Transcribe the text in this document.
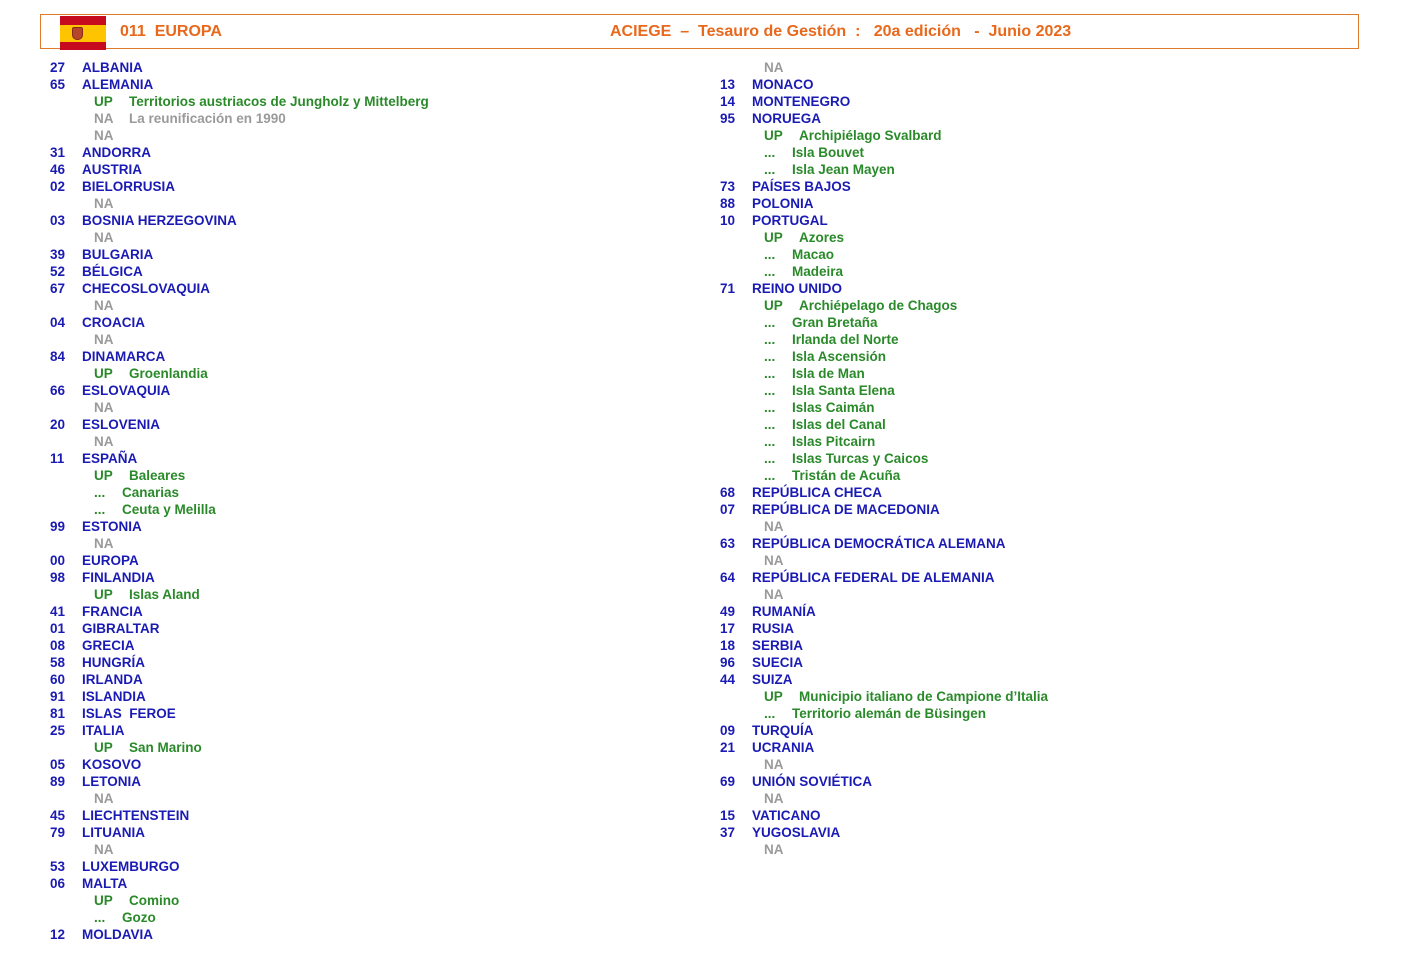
011  EUROPA	ACIEGE  –  Tesauro de Gestión  :   20a edición   -  Junio 2023
27 ALBANIA
65 ALEMANIA
UP Territorios austriacos de Jungholz y Mittelberg
NA La reunificación en 1990
NA
31 ANDORRA
46 AUSTRIA
02 BIELORRUSIA
NA
03 BOSNIA HERZEGOVINA
NA
39 BULGARIA
52 BÉLGICA
67 CHECOSLOVAQUIA
NA
04 CROACIA
NA
84 DINAMARCA
UP Groenlandia
66 ESLOVAQUIA
NA
20 ESLOVENIA
NA
11 ESPAÑA
UP Baleares
... Canarias
... Ceuta y Melilla
99 ESTONIA
NA
00 EUROPA
98 FINLANDIA
UP Islas Aland
41 FRANCIA
01 GIBRALTAR
08 GRECIA
58 HUNGRÍA
60 IRLANDA
91 ISLANDIA
81 ISLAS  FEROE
25 ITALIA
UP San Marino
05 KOSOVO
89 LETONIA
NA
45 LIECHTENSTEIN
79 LITUANIA
NA
53 LUXEMBURGO
06 MALTA
UP Comino
... Gozo
12 MOLDAVIA
NA
13 MONACO
14 MONTENEGRO
95 NORUEGA
UP Archipiélago Svalbard
... Isla Bouvet
... Isla Jean Mayen
73 PAÍSES BAJOS
88 POLONIA
10 PORTUGAL
UP Azores
... Macao
... Madeira
71 REINO UNIDO
UP Archiépelago de Chagos
... Gran Bretaña
... Irlanda del Norte
... Isla Ascensión
... Isla de Man
... Isla Santa Elena
... Islas Caimán
... Islas del Canal
... Islas Pitcairn
... Islas Turcas y Caicos
... Tristán de Acuña
68 REPÚBLICA CHECA
07 REPÚBLICA DE MACEDONIA
NA
63 REPÚBLICA DEMOCRÁTICA ALEMANA
NA
64 REPÚBLICA FEDERAL DE ALEMANIA
NA
49 RUMANÍA
17 RUSIA
18 SERBIA
96 SUECIA
44 SUIZA
UP Municipio italiano de Campione d’Italia
... Territorio alemán de Büsingen
09 TURQUÍA
21 UCRANIA
NA
69 UNIÓN SOVIÉTICA
NA
15 VATICANO
37 YUGOSLAVIA
NA
